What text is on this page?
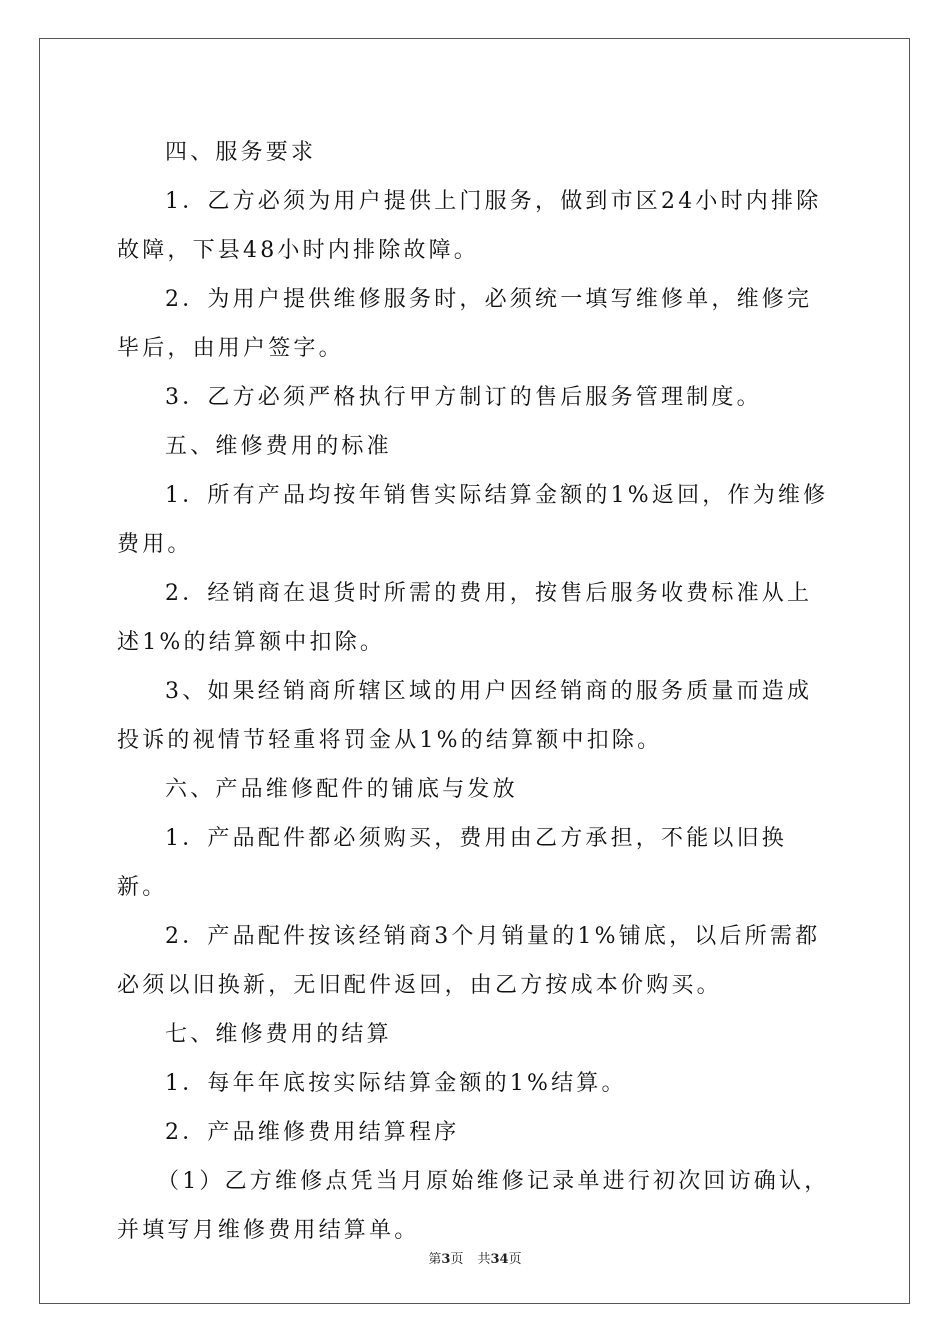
四、服务要求

1．乙方必须为用户提供上门服务，做到市区24小时内排除故障，下县48小时内排除故障。

2．为用户提供维修服务时，必须统一填写维修单，维修完毕后，由用户签字。

3．乙方必须严格执行甲方制订的售后服务管理制度。

五、维修费用的标准

1．所有产品均按年销售实际结算金额的1%返回，作为维修费用。

2．经销商在退货时所需的费用，按售后服务收费标准从上述1%的结算额中扣除。

3、如果经销商所辖区域的用户因经销商的服务质量而造成投诉的视情节轻重将罚金从1%的结算额中扣除。

六、产品维修配件的铺底与发放

1．产品配件都必须购买，费用由乙方承担，不能以旧换新。

2．产品配件按该经销商3个月销量的1%铺底，以后所需都必须以旧换新，无旧配件返回，由乙方按成本价购买。

七、维修费用的结算

1．每年年底按实际结算金额的1%结算。

2．产品维修费用结算程序

（1）乙方维修点凭当月原始维修记录单进行初次回访确认，并填写月维修费用结算单。

第3页 共34页
